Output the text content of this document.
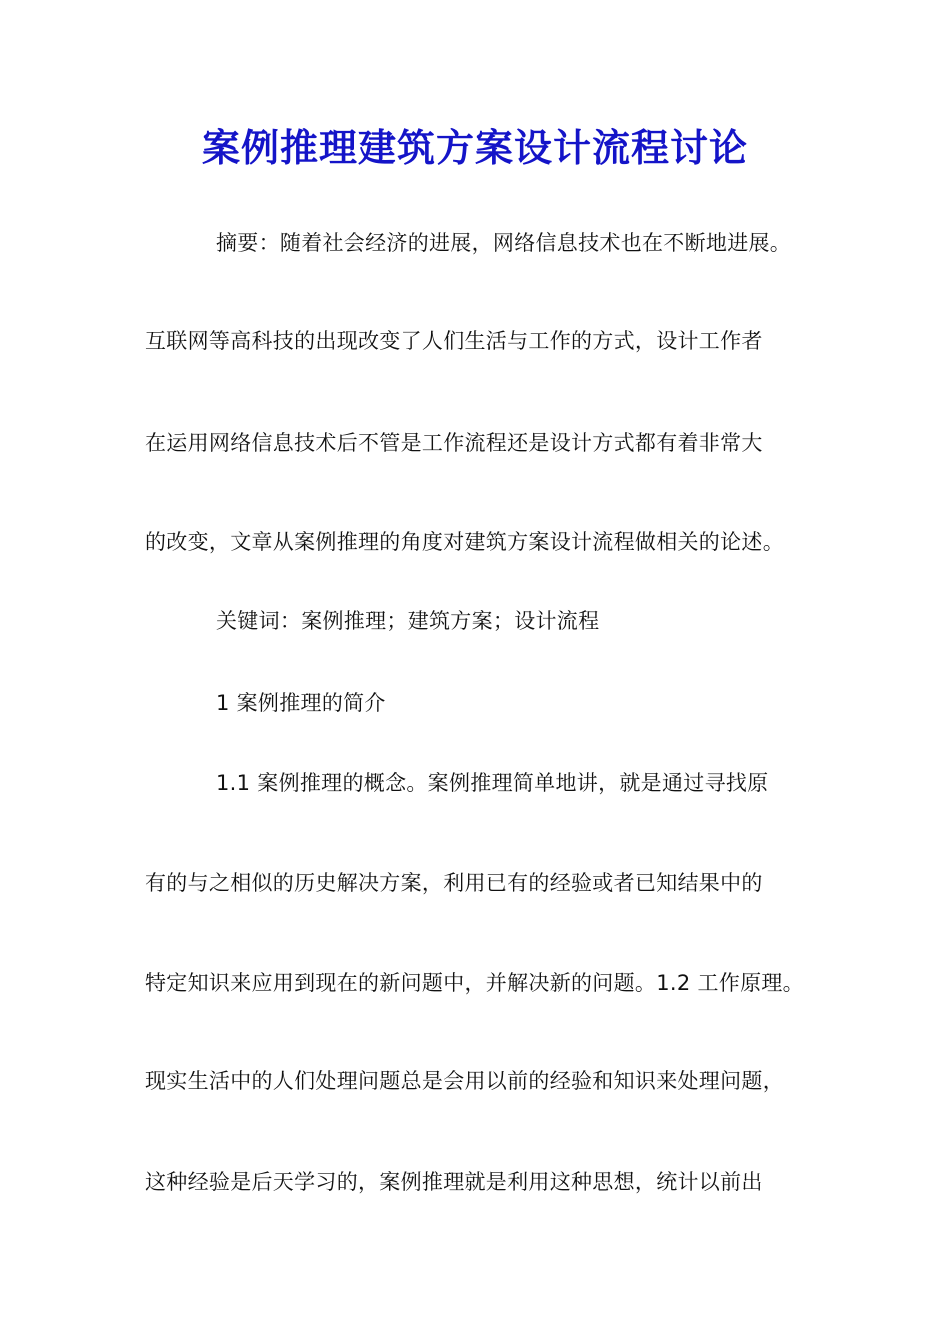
案例推理建筑方案设计流程讨论
摘要：随着社会经济的进展，网络信息技术也在不断地进展。
互联网等高科技的出现改变了人们生活与工作的方式，设计工作者
在运用网络信息技术后不管是工作流程还是设计方式都有着非常大
的改变，文章从案例推理的角度对建筑方案设计流程做相关的论述。
关键词：案例推理；建筑方案；设计流程
1 案例推理的简介
1.1 案例推理的概念。案例推理简单地讲，就是通过寻找原
有的与之相似的历史解决方案，利用已有的经验或者已知结果中的
特定知识来应用到现在的新问题中，并解决新的问题。1.2 工作原理。
现实生活中的人们处理问题总是会用以前的经验和知识来处理问题，
这种经验是后天学习的，案例推理就是利用这种思想，统计以前出
